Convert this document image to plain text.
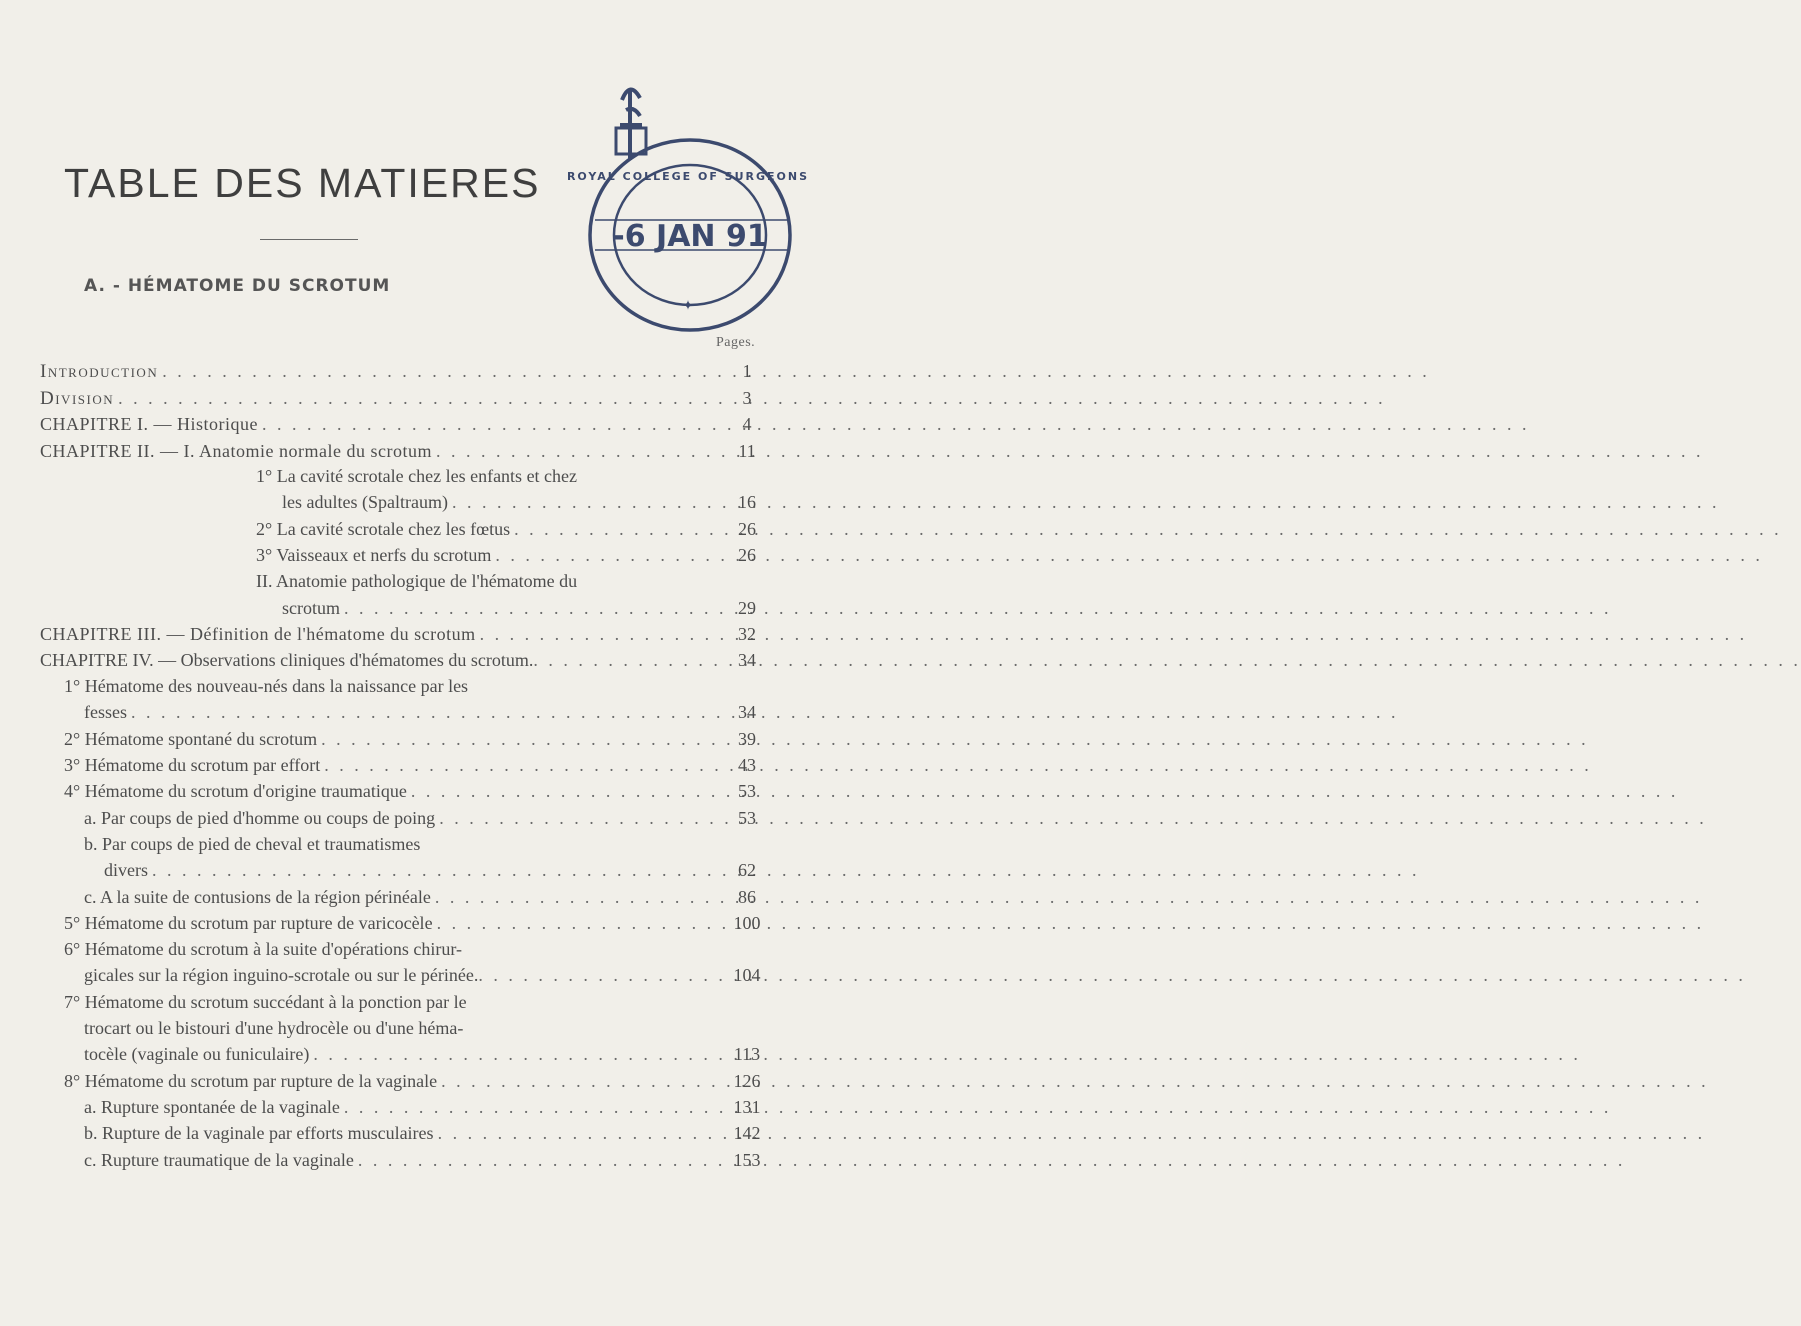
TABLE DES MATIERES
A. - HÉMATOME DU SCROTUM
-6 JAN 91
ROYAL COLLEGE OF SURGEONS
✦
Pages.
Introduction . . .	1
Division . . .	3
CHAPITRE I. — Historique . . .	4
CHAPITRE II. — I. Anatomie normale du scrotum . . .	11
1° La cavité scrotale chez les enfants et chez
les adultes (Spaltraum) . . .	16
2° La cavité scrotale chez les fœtus . . .	26
3° Vaisseaux et nerfs du scrotum . . .	26
II. Anatomie pathologique de l'hématome du
scrotum . . .	29
CHAPITRE III. — Définition de l'hématome du scrotum . . .	32
CHAPITRE IV. — Observations cliniques d'hématomes du scrotum. . . .	34
1° Hématome des nouveau-nés dans la naissance par les
fesses . . .	34
2° Hématome spontané du scrotum . . .	39
3° Hématome du scrotum par effort . . .	43
4° Hématome du scrotum d'origine traumatique . . .	53
a. Par coups de pied d'homme ou coups de poing . . .	53
b. Par coups de pied de cheval et traumatismes
divers . . .	62
c. A la suite de contusions de la région périnéale . . .	86
5° Hématome du scrotum par rupture de varicocèle . . .	100
6° Hématome du scrotum à la suite d'opérations chirur-
gicales sur la région inguino-scrotale ou sur le périnée. . . .	104
7° Hématome du scrotum succédant à la ponction par le
trocart ou le bistouri d'une hydrocèle ou d'une héma-
tocèle (vaginale ou funiculaire) . . .	113
8° Hématome du scrotum par rupture de la vaginale . . .	126
a. Rupture spontanée de la vaginale . . .	131
b. Rupture de la vaginale par efforts musculaires . . .	142
c. Rupture traumatique de la vaginale . . .	153
